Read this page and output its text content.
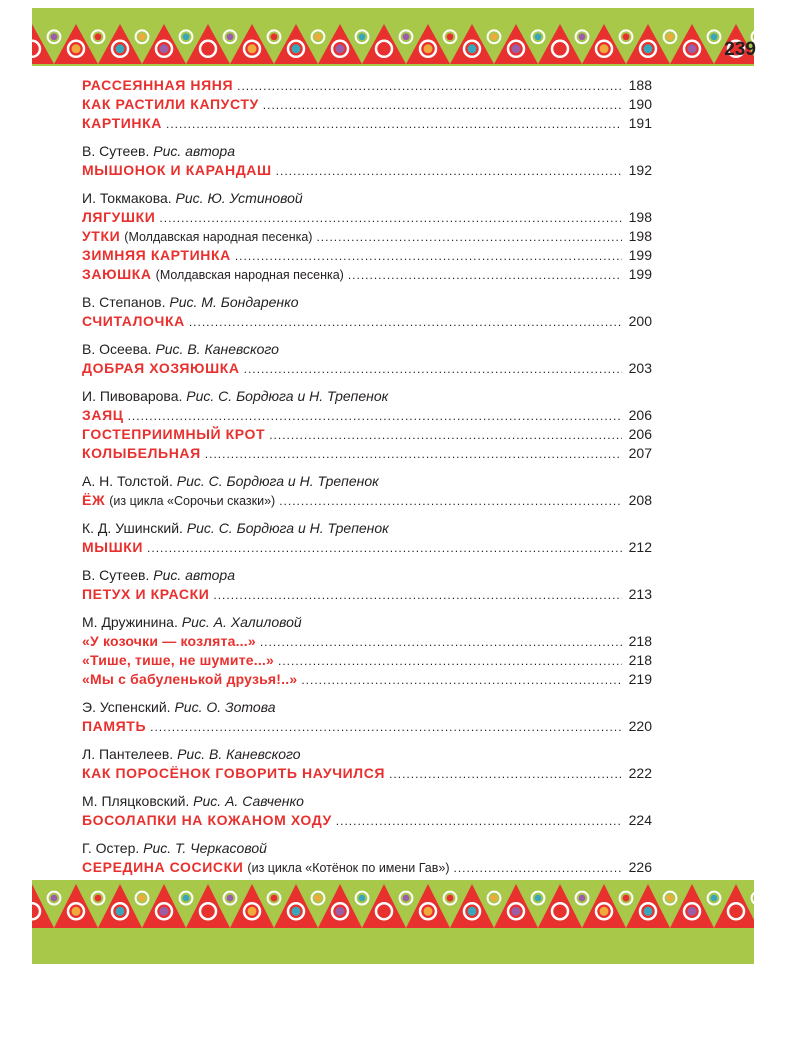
239
РАССЕЯННАЯ НЯНЯ .....	188
КАК РАСТИЛИ КАПУСТУ .....	190
КАРТИНКА .....	191
В. Сутеев. Рис. автора
МЫШОНОК И КАРАНДАШ .....	192
И. Токмакова. Рис. Ю. Устиновой
ЛЯГУШКИ .....	198
УТКИ (Молдавская народная песенка) .....	198
ЗИМНЯЯ КАРТИНКА .....	199
ЗАЮШКА (Молдавская народная песенка) .....	199
В. Степанов. Рис. М. Бондаренко
СЧИТАЛОЧКА .....	200
В. Осеева. Рис. В. Каневского
ДОБРАЯ ХОЗЯЮШКА .....	203
И. Пивоварова. Рис. С. Бордюга и Н. Трепенок
ЗАЯЦ .....	206
ГОСТЕПРИИМНЫЙ КРОТ .....	206
КОЛЫБЕЛЬНАЯ .....	207
А. Н. Толстой. Рис. С. Бордюга и Н. Трепенок
ЁЖ (из цикла «Сорочьи сказки») .....	208
К. Д. Ушинский. Рис. С. Бордюга и Н. Трепенок
МЫШКИ .....	212
В. Сутеев. Рис. автора
ПЕТУХ И КРАСКИ .....	213
М. Дружинина. Рис. А. Халиловой
«У козочки — козлята...» .....	218
«Тише, тише, не шумите...» .....	218
«Мы с бабуленькой друзья!..» .....	219
Э. Успенский. Рис. О. Зотова
ПАМЯТЬ .....	220
Л. Пантелеев. Рис. В. Каневского
КАК ПОРОСЁНОК ГОВОРИТЬ НАУЧИЛСЯ .....	222
М. Пляцковский. Рис. А. Савченко
БОСОЛАПКИ НА КОЖАНОМ ХОДУ .....	224
Г. Остер. Рис. Т. Черкасовой
СЕРЕДИНА СОСИСКИ (из цикла «Котёнок по имени Гав») .....	226
.....
